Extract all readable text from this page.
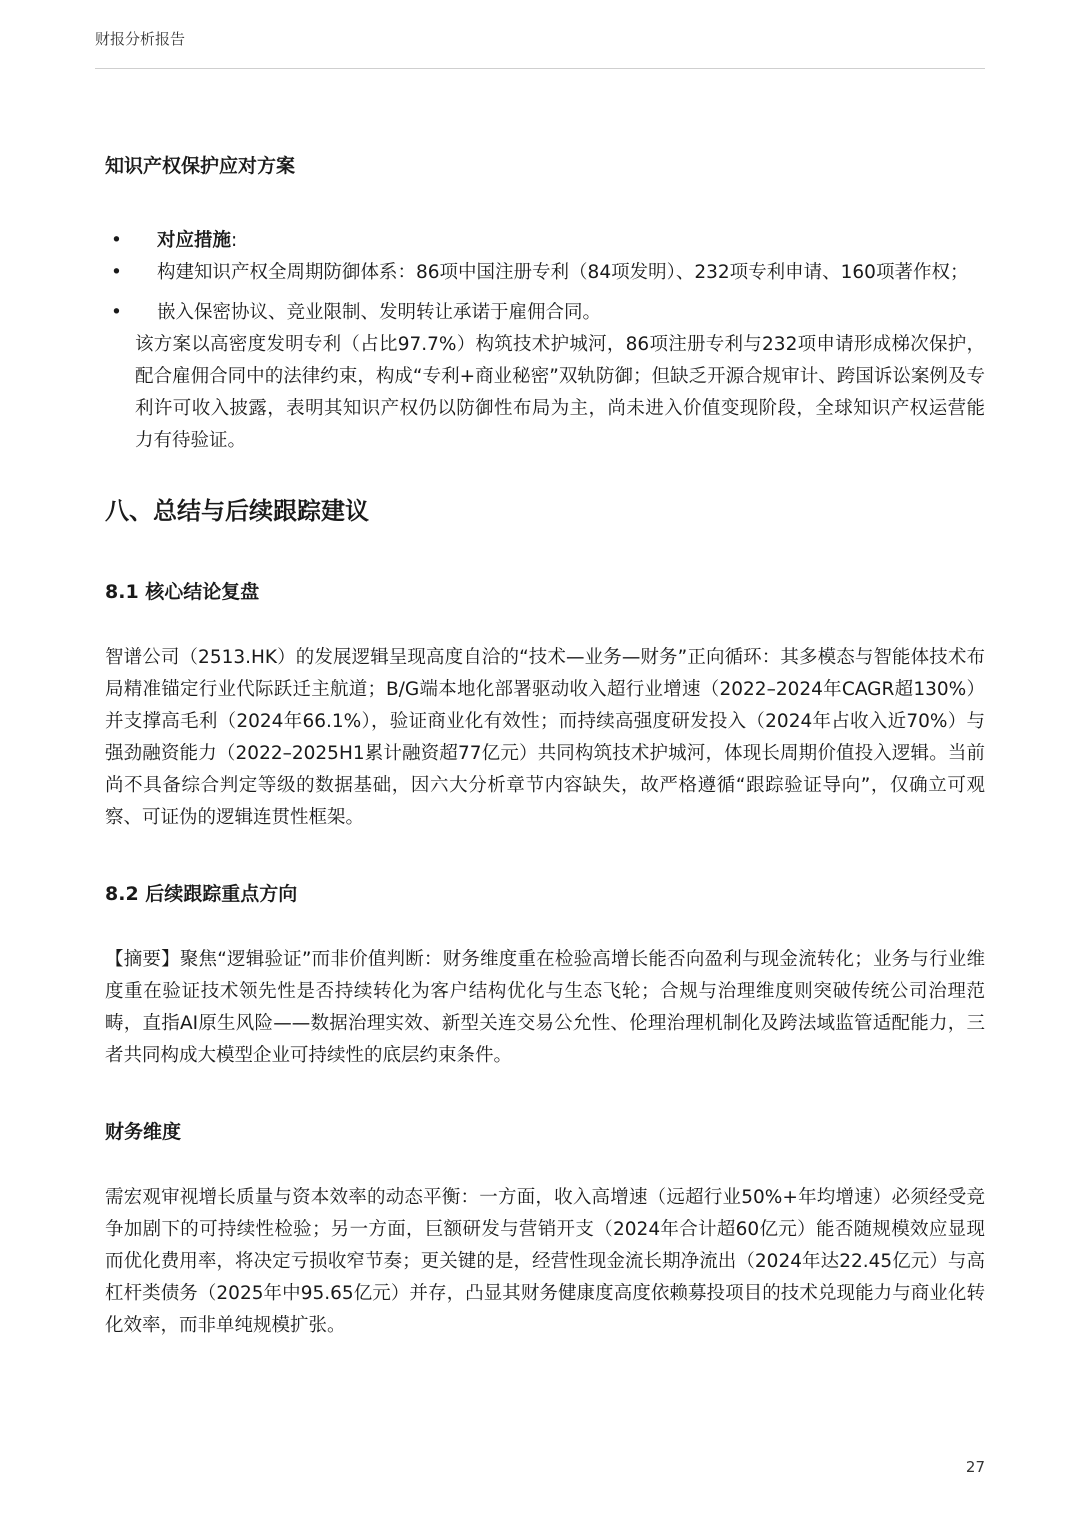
财报分析报告
知识产权保护应对方案
•	对应措施:
•	构建知识产权全周期防御体系：86项中国注册专利（84项发明）、232项专利申请、160项著作权；
•	嵌入保密协议、竞业限制、发明转让承诺于雇佣合同。

该方案以高密度发明专利（占比97.7%）构筑技术护城河，86项注册专利与232项申请形成梯次保护，配合雇佣合同中的法律约束，构成“专利+商业秘密”双轨防御；但缺乏开源合规审计、跨国诉讼案例及专利许可收入披露，表明其知识产权仍以防御性布局为主，尚未进入价值变现阶段，全球知识产权运营能力有待验证。

八、总结与后续跟踪建议
8.1 核心结论复盘

智谱公司（2513.HK）的发展逻辑呈现高度自洽的“技术—业务—财务”正向循环：其多模态与智能体技术布局精准锚定行业代际跃迁主航道；B/G端本地化部署驱动收入超行业增速（2022–2024年CAGR超130%）并支撑高毛利（2024年66.1%），验证商业化有效性；而持续高强度研发投入（2024年占收入近70%）与强劲融资能力（2022–2025H1累计融资超77亿元）共同构筑技术护城河，体现长周期价值投入逻辑。当前尚不具备综合判定等级的数据基础，因六大分析章节内容缺失，故严格遵循“跟踪验证导向”，仅确立可观察、可证伪的逻辑连贯性框架。

8.2 后续跟踪重点方向

【摘要】聚焦“逻辑验证”而非价值判断：财务维度重在检验高增长能否向盈利与现金流转化；业务与行业维度重在验证技术领先性是否持续转化为客户结构优化与生态飞轮；合规与治理维度则突破传统公司治理范畴，直指AI原生风险——数据治理实效、新型关连交易公允性、伦理治理机制化及跨法域监管适配能力，三者共同构成大模型企业可持续性的底层约束条件。

财务维度

需宏观审视增长质量与资本效率的动态平衡：一方面，收入高增速（远超行业50%+年均增速）必须经受竞争加剧下的可持续性检验；另一方面，巨额研发与营销开支（2024年合计超60亿元）能否随规模效应显现而优化费用率，将决定亏损收窄节奏；更关键的是，经营性现金流长期净流出（2024年达22.45亿元）与高杠杆类债务（2025年中95.65亿元）并存，凸显其财务健康度高度依赖募投项目的技术兑现能力与商业化转化效率，而非单纯规模扩张。

27
